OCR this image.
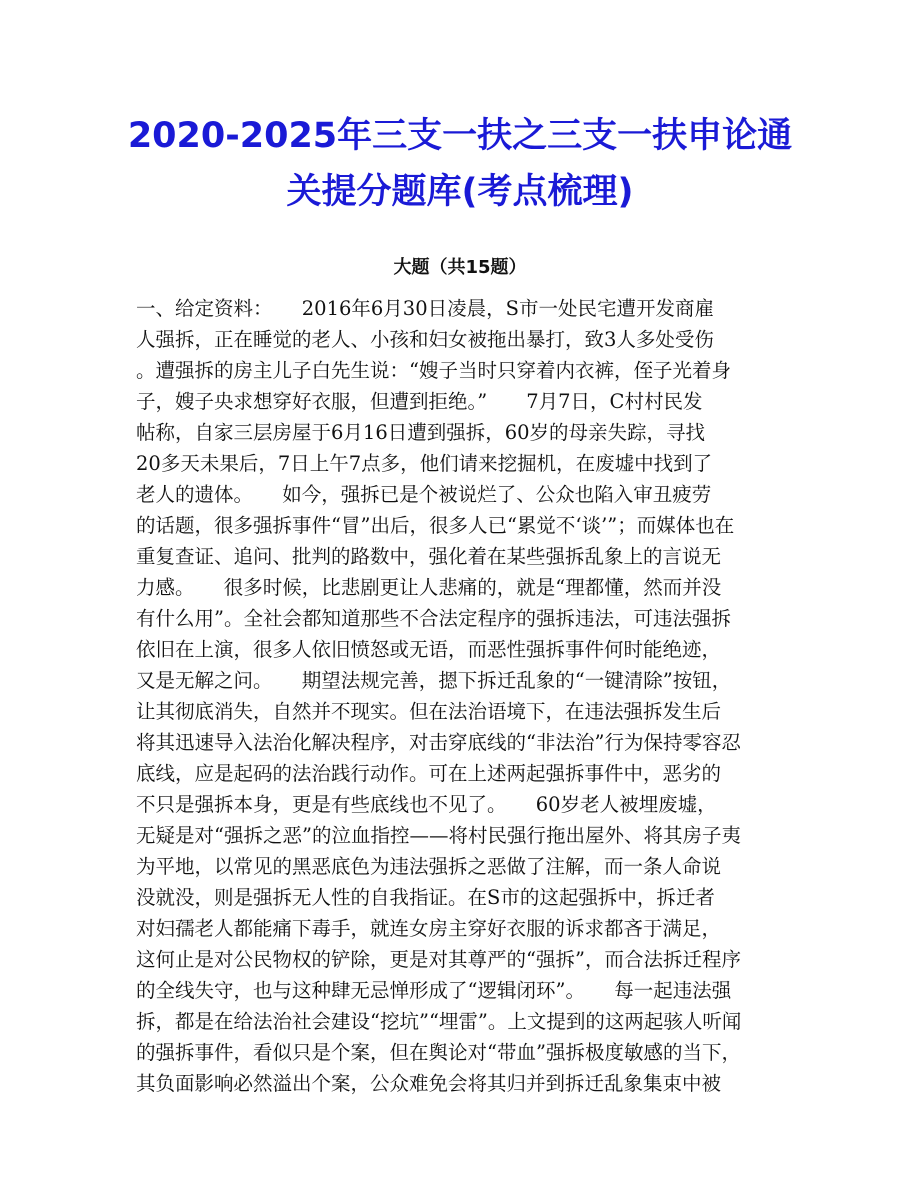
2020-2025年三支一扶之三支一扶申论通
关提分题库(考点梳理)
大题（共15题）
一、给定资料：　　2016年6月30日凌晨，S市一处民宅遭开发商雇
人强拆，正在睡觉的老人、小孩和妇女被拖出暴打，致3人多处受伤
。遭强拆的房主儿子白先生说：“嫂子当时只穿着内衣裤，侄子光着身
子，嫂子央求想穿好衣服，但遭到拒绝。”　　7月7日，C村村民发
帖称，自家三层房屋于6月16日遭到强拆，60岁的母亲失踪，寻找
20多天未果后，7日上午7点多，他们请来挖掘机，在废墟中找到了
老人的遗体。　　如今，强拆已是个被说烂了、公众也陷入审丑疲劳
的话题，很多强拆事件“冒”出后，很多人已“累觉不‘谈’”；而媒体也在
重复查证、追问、批判的路数中，强化着在某些强拆乱象上的言说无
力感。　　很多时候，比悲剧更让人悲痛的，就是“理都懂，然而并没
有什么用”。全社会都知道那些不合法定程序的强拆违法，可违法强拆
依旧在上演，很多人依旧愤怒或无语，而恶性强拆事件何时能绝迹，
又是无解之问。　　期望法规完善，摁下拆迁乱象的“一键清除”按钮，
让其彻底消失，自然并不现实。但在法治语境下，在违法强拆发生后
将其迅速导入法治化解决程序，对击穿底线的“非法治”行为保持零容忍
底线，应是起码的法治践行动作。可在上述两起强拆事件中，恶劣的
不只是强拆本身，更是有些底线也不见了。　　60岁老人被埋废墟，
无疑是对“强拆之恶”的泣血指控——将村民强行拖出屋外、将其房子夷
为平地，以常见的黑恶底色为违法强拆之恶做了注解，而一条人命说
没就没，则是强拆无人性的自我指证。在S市的这起强拆中，拆迁者
对妇孺老人都能痛下毒手，就连女房主穿好衣服的诉求都吝于满足，
这何止是对公民物权的铲除，更是对其尊严的“强拆”，而合法拆迁程序
的全线失守，也与这种肆无忌惮形成了“逻辑闭环”。　　每一起违法强
拆，都是在给法治社会建设“挖坑”“埋雷”。上文提到的这两起骇人听闻
的强拆事件，看似只是个案，但在舆论对“带血”强拆极度敏感的当下，
其负面影响必然溢出个案，公众难免会将其归并到拆迁乱象集束中被
